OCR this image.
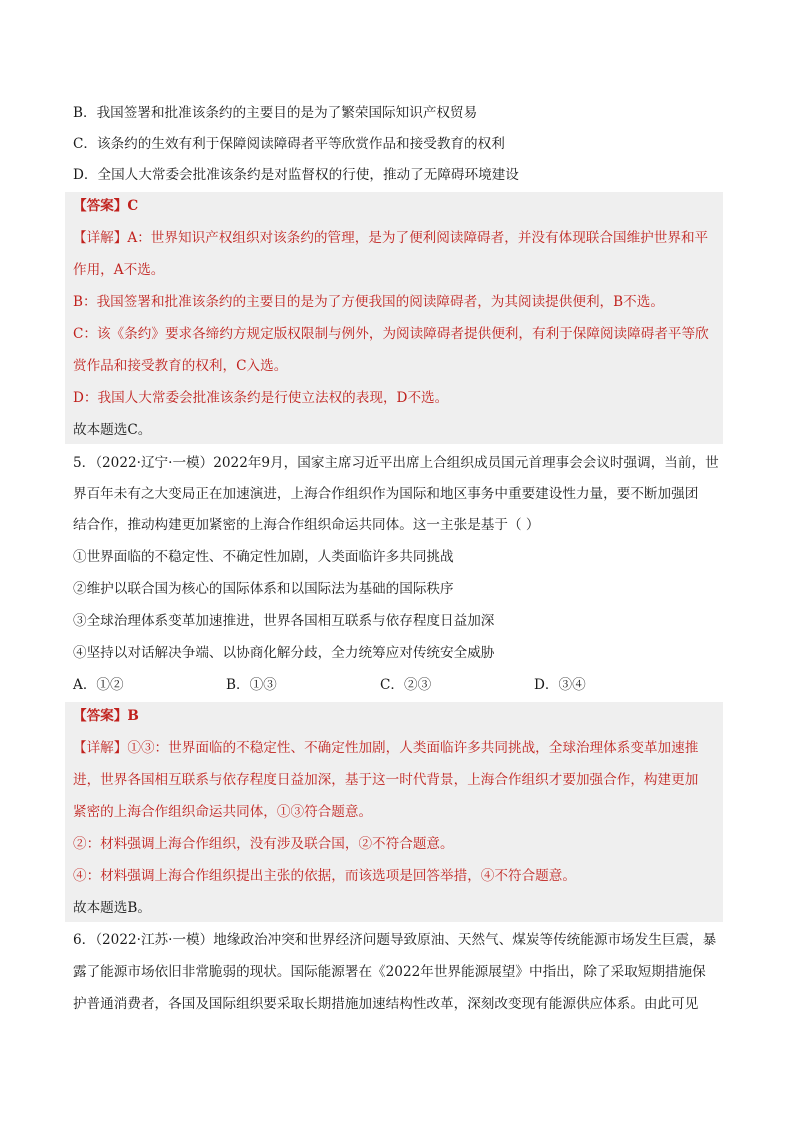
B．我国签署和批准该条约的主要目的是为了繁荣国际知识产权贸易
C．该条约的生效有利于保障阅读障碍者平等欣赏作品和接受教育的权利
D．全国人大常委会批准该条约是对监督权的行使，推动了无障碍环境建设
【答案】C
【详解】A：世界知识产权组织对该条约的管理，是为了便利阅读障碍者，并没有体现联合国维护世界和平
作用，A不选。
B：我国签署和批准该条约的主要目的是为了方便我国的阅读障碍者，为其阅读提供便利，B不选。
C：该《条约》要求各缔约方规定版权限制与例外，为阅读障碍者提供便利，有利于保障阅读障碍者平等欣
赏作品和接受教育的权利，C入选。
D：我国人大常委会批准该条约是行使立法权的表现，D不选。
故本题选C。
5．（2022·辽宁·一模）2022年9月，国家主席习近平出席上合组织成员国元首理事会会议时强调，当前，世
界百年未有之大变局正在加速演进，上海合作组织作为国际和地区事务中重要建设性力量，要不断加强团
结合作，推动构建更加紧密的上海合作组织命运共同体。这一主张是基于（ ）
①世界面临的不稳定性、不确定性加剧，人类面临许多共同挑战
②维护以联合国为核心的国际体系和以国际法为基础的国际秩序
③全球治理体系变革加速推进，世界各国相互联系与依存程度日益加深
④坚持以对话解决争端、以协商化解分歧，全力统筹应对传统安全威胁
A．①②	B．①③	C．②③	D．③④
【答案】B
【详解】①③：世界面临的不稳定性、不确定性加剧，人类面临许多共同挑战，全球治理体系变革加速推
进，世界各国相互联系与依存程度日益加深，基于这一时代背景，上海合作组织才要加强合作，构建更加
紧密的上海合作组织命运共同体，①③符合题意。
②：材料强调上海合作组织，没有涉及联合国，②不符合题意。
④：材料强调上海合作组织提出主张的依据，而该选项是回答举措，④不符合题意。
故本题选B。
6．（2022·江苏·一模）地缘政治冲突和世界经济问题导致原油、天然气、煤炭等传统能源市场发生巨震，暴
露了能源市场依旧非常脆弱的现状。国际能源署在《2022年世界能源展望》中指出，除了采取短期措施保
护普通消费者，各国及国际组织要采取长期措施加速结构性改革，深刻改变现有能源供应体系。由此可见
